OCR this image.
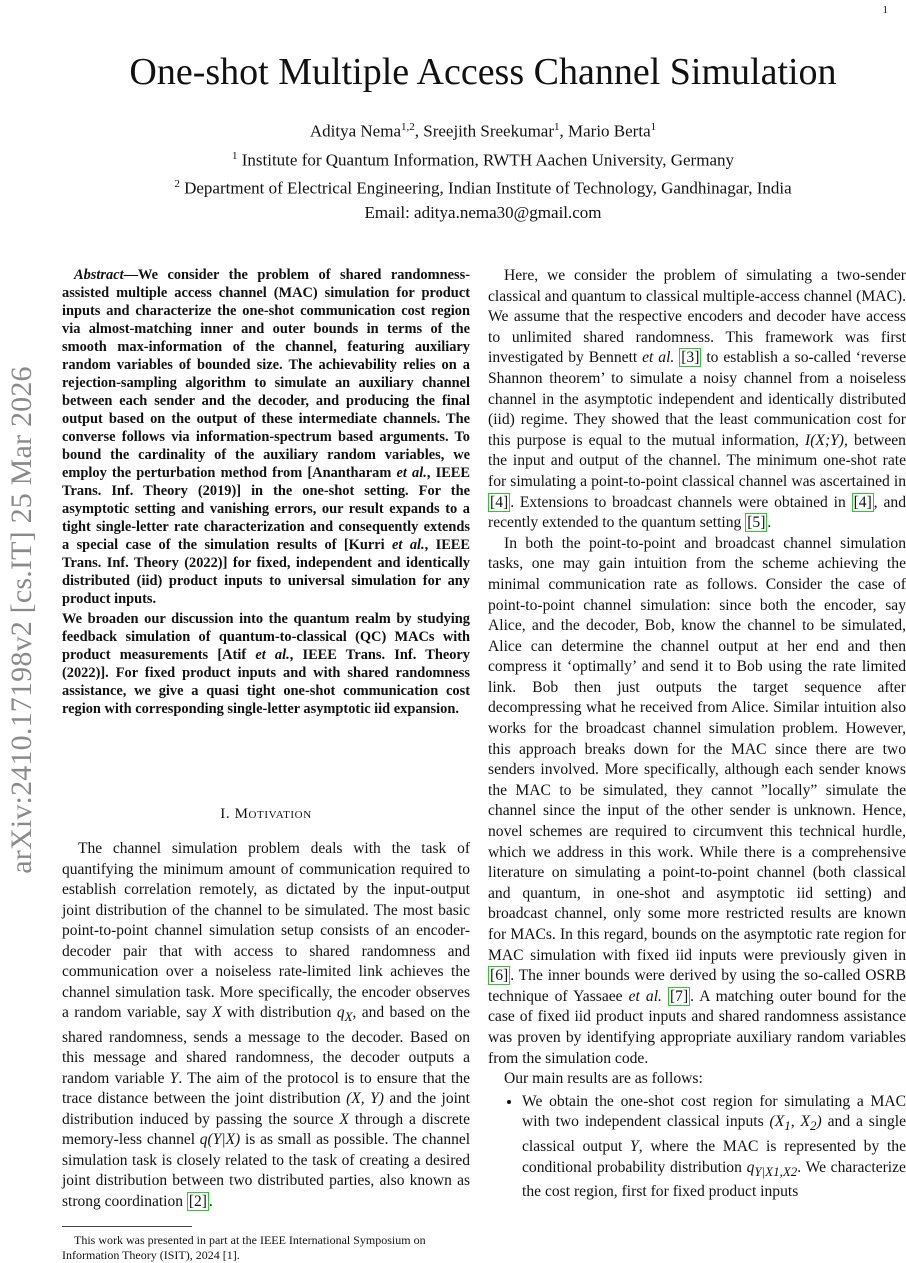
1
arXiv:2410.17198v2 [cs.IT] 25 Mar 2026
One-shot Multiple Access Channel Simulation
Aditya Nema$^{1,2}$, Sreejith Sreekumar$^1$, Mario Berta$^1$
$^1$ Institute for Quantum Information, RWTH Aachen University, Germany
$^2$ Department of Electrical Engineering, Indian Institute of Technology, Gandhinagar, India
Email: aditya.nema30@gmail.com

Abstract—We consider the problem of shared randomness-assisted multiple access channel (MAC) simulation for product inputs and characterize the one-shot communication cost region via almost-matching inner and outer bounds in terms of the smooth max-information of the channel, featuring auxiliary random variables of bounded size. The achievability relies on a rejection-sampling algorithm to simulate an auxiliary channel between each sender and the decoder, and producing the final output based on the output of these intermediate channels. The converse follows via information-spectrum based arguments. To bound the cardinality of the auxiliary random variables, we employ the perturbation method from [Anantharam et al., IEEE Trans. Inf. Theory (2019)] in the one-shot setting. For the asymptotic setting and vanishing errors, our result expands to a tight single-letter rate characterization and consequently extends a special case of the simulation results of [Kurri et al., IEEE Trans. Inf. Theory (2022)] for fixed, independent and identically distributed (iid) product inputs to universal simulation for any product inputs.

We broaden our discussion into the quantum realm by studying feedback simulation of quantum-to-classical (QC) MACs with product measurements [Atif et al., IEEE Trans. Inf. Theory (2022)]. For fixed product inputs and with shared randomness assistance, we give a quasi tight one-shot communication cost region with corresponding single-letter asymptotic iid expansion.

I. Motivation

The channel simulation problem deals with the task of quantifying the minimum amount of communication required to establish correlation remotely, as dictated by the input-output joint distribution of the channel to be simulated. The most basic point-to-point channel simulation setup consists of an encoder-decoder pair that with access to shared randomness and communication over a noiseless rate-limited link achieves the channel simulation task. More specifically, the encoder observes a random variable, say X with distribution $q_X$, and based on the shared randomness, sends a message to the decoder. Based on this message and shared randomness, the decoder outputs a random variable Y. The aim of the protocol is to ensure that the trace distance between the joint distribution (X, Y) and the joint distribution induced by passing the source X through a discrete memory-less channel q(Y|X) is as small as possible. The channel simulation task is closely related to the task of creating a desired joint distribution between two distributed parties, also known as strong coordination [2] .

This work was presented in part at the IEEE International Symposium on Information Theory (ISIT), 2024 [1].

Here, we consider the problem of simulating a two-sender classical and quantum to classical multiple-access channel (MAC). We assume that the respective encoders and decoder have access to unlimited shared randomness. This framework was first investigated by Bennett et al. [3] to establish a so-called ‘reverse Shannon theorem’ to simulate a noisy channel from a noiseless channel in the asymptotic independent and identically distributed (iid) regime. They showed that the least communication cost for this purpose is equal to the mutual information, I(X;Y), between the input and output of the channel. The minimum one-shot rate for simulating a point-to-point classical channel was ascertained in [4] . Extensions to broadcast channels were obtained in [4] , and recently extended to the quantum setting [5] .

In both the point-to-point and broadcast channel simulation tasks, one may gain intuition from the scheme achieving the minimal communication rate as follows. Consider the case of point-to-point channel simulation: since both the encoder, say Alice, and the decoder, Bob, know the channel to be simulated, Alice can determine the channel output at her end and then compress it ‘optimally’ and send it to Bob using the rate limited link. Bob then just outputs the target sequence after decompressing what he received from Alice. Similar intuition also works for the broadcast channel simulation problem. However, this approach breaks down for the MAC since there are two senders involved. More specifically, although each sender knows the MAC to be simulated, they cannot ”locally” simulate the channel since the input of the other sender is unknown. Hence, novel schemes are required to circumvent this technical hurdle, which we address in this work. While there is a comprehensive literature on simulating a point-to-point channel (both classical and quantum, in one-shot and asymptotic iid setting) and broadcast channel, only some more restricted results are known for MACs. In this regard, bounds on the asymptotic rate region for MAC simulation with fixed iid inputs were previously given in [6] . The inner bounds were derived by using the so-called OSRB technique of Yassaee et al. [7] . A matching outer bound for the case of fixed iid product inputs and shared randomness assistance was proven by identifying appropriate auxiliary random variables from the simulation code.

Our main results are as follows:

• We obtain the one-shot cost region for simulating a MAC with two independent classical inputs ($X_1$, $X_2$) and a single classical output Y, where the MAC is represented by the conditional probability distribution $q_{Y|X1,X2}$. We characterize the cost region, first for fixed product inputs
